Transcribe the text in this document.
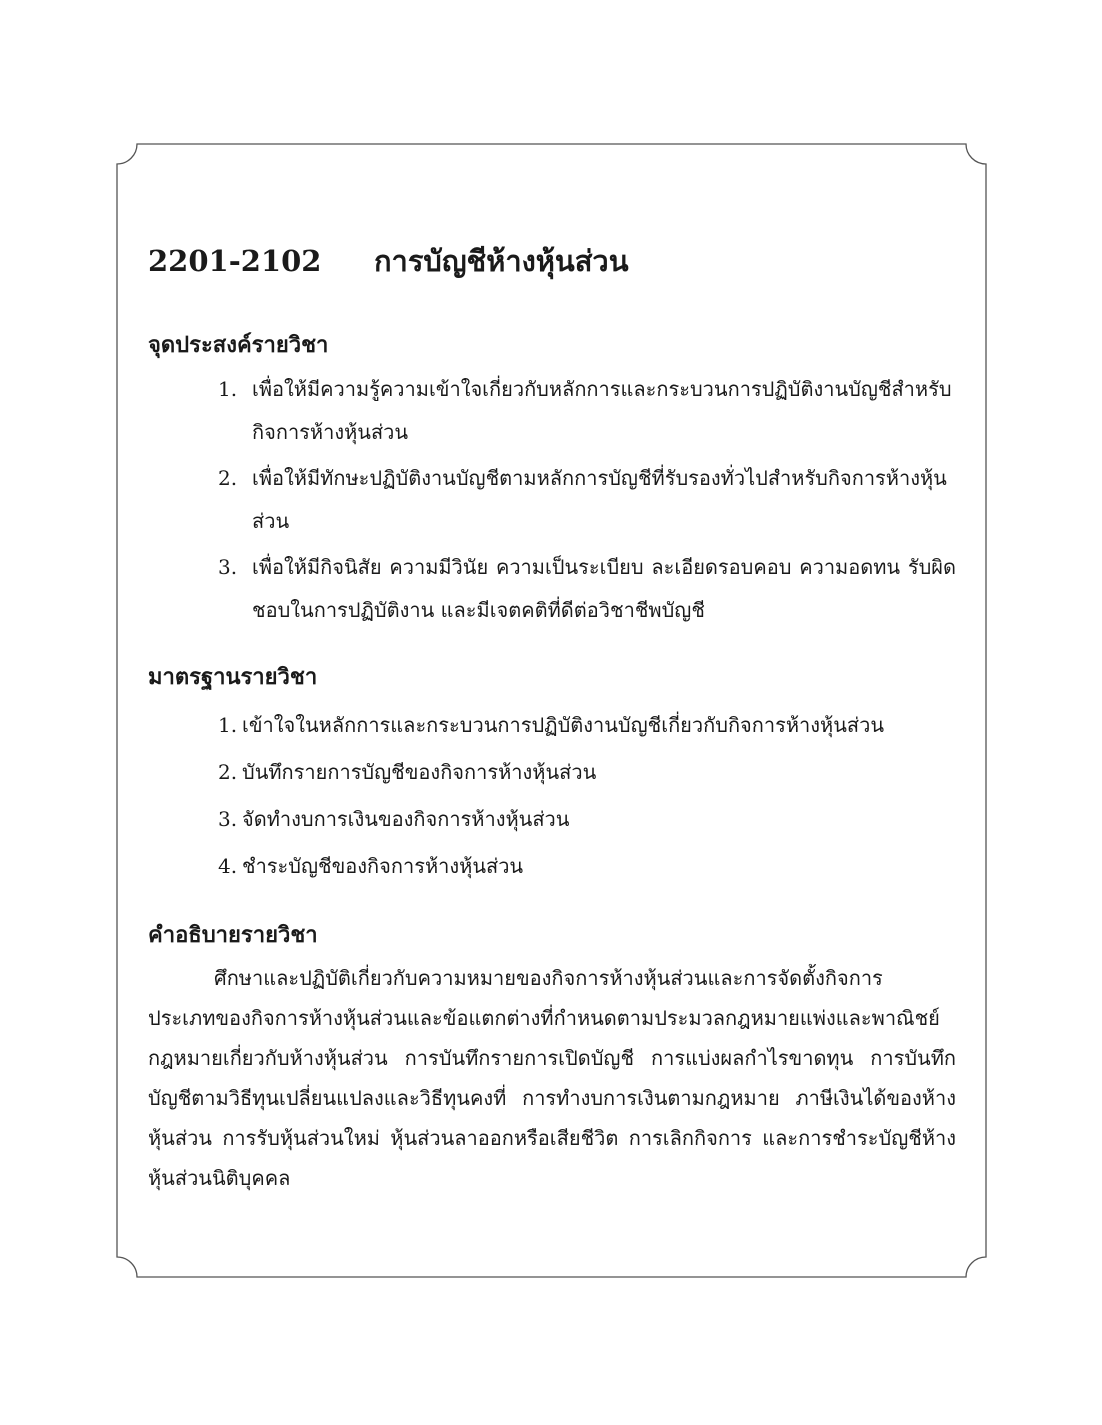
2201-2102	การบัญชีห้างหุ้นส่วน
จุดประสงค์รายวิชา
1. เพื่อให้มีความรู้ความเข้าใจเกี่ยวกับหลักการและกระบวนการปฏิบัติงานบัญชีสำหรับกิจการห้างหุ้นส่วน
2. เพื่อให้มีทักษะปฏิบัติงานบัญชีตามหลักการบัญชีที่รับรองทั่วไปสำหรับกิจการห้างหุ้นส่วน
3. เพื่อให้มีกิจนิสัย ความมีวินัย ความเป็นระเบียบ ละเอียดรอบคอบ ความอดทน รับผิดชอบในการปฏิบัติงาน และมีเจตคติที่ดีต่อวิชาชีพบัญชี
มาตรฐานรายวิชา
1. เข้าใจในหลักการและกระบวนการปฏิบัติงานบัญชีเกี่ยวกับกิจการห้างหุ้นส่วน
2. บันทึกรายการบัญชีของกิจการห้างหุ้นส่วน
3. จัดทำงบการเงินของกิจการห้างหุ้นส่วน
4. ชำระบัญชีของกิจการห้างหุ้นส่วน
คำอธิบายรายวิชา

ศึกษาและปฏิบัติเกี่ยวกับความหมายของกิจการห้างหุ้นส่วนและการจัดตั้งกิจการ ประเภทของกิจการห้างหุ้นส่วนและข้อแตกต่างที่กำหนดตามประมวลกฎหมายแพ่งและพาณิชย์ กฎหมายเกี่ยวกับห้างหุ้นส่วน การบันทึกรายการเปิดบัญชี การแบ่งผลกำไรขาดทุน การบันทึกบัญชีตามวิธีทุนเปลี่ยนแปลงและวิธีทุนคงที่ การทำงบการเงินตามกฎหมาย ภาษีเงินได้ของห้างหุ้นส่วน การรับหุ้นส่วนใหม่ หุ้นส่วนลาออกหรือเสียชีวิต การเลิกกิจการ และการชำระบัญชีห้างหุ้นส่วนนิติบุคคล
